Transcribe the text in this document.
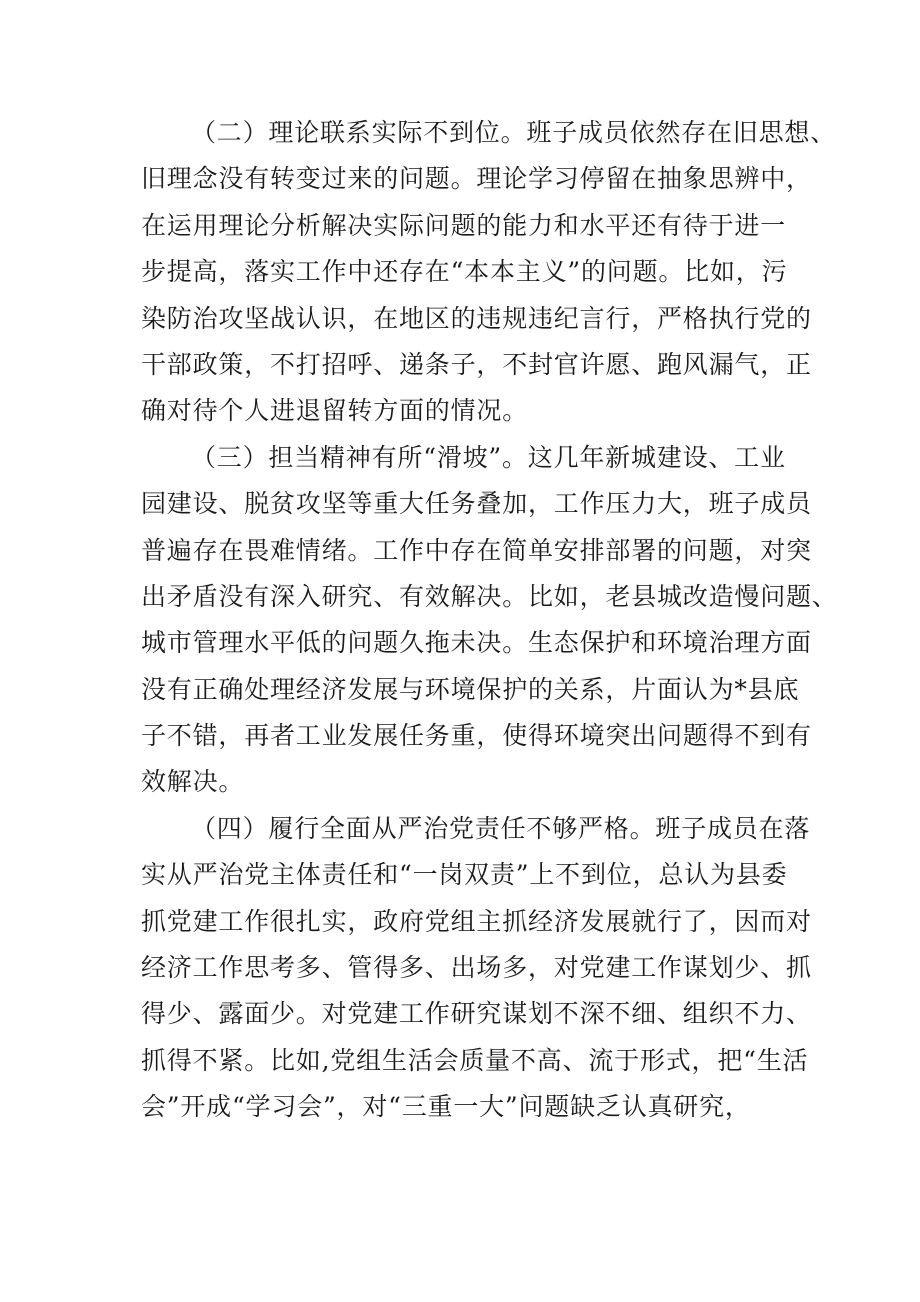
（二）理论联系实际不到位。班子成员依然存在旧思想、
旧理念没有转变过来的问题。理论学习停留在抽象思辨中，
在运用理论分析解决实际问题的能力和水平还有待于进一
步提高，落实工作中还存在“本本主义”的问题。比如，污
染防治攻坚战认识，在地区的违规违纪言行，严格执行党的
干部政策，不打招呼、递条子，不封官许愿、跑风漏气，正
确对待个人进退留转方面的情况。
（三）担当精神有所“滑坡”。这几年新城建设、工业
园建设、脱贫攻坚等重大任务叠加，工作压力大，班子成员
普遍存在畏难情绪。工作中存在简单安排部署的问题，对突
出矛盾没有深入研究、有效解决。比如，老县城改造慢问题、
城市管理水平低的问题久拖未决。生态保护和环境治理方面
没有正确处理经济发展与环境保护的关系，片面认为*县底
子不错，再者工业发展任务重，使得环境突出问题得不到有
效解决。
（四）履行全面从严治党责任不够严格。班子成员在落
实从严治党主体责任和“一岗双责”上不到位，总认为县委
抓党建工作很扎实，政府党组主抓经济发展就行了，因而对
经济工作思考多、管得多、出场多，对党建工作谋划少、抓
得少、露面少。对党建工作研究谋划不深不细、组织不力、
抓得不紧。比如,党组生活会质量不高、流于形式，把“生活
会”开成“学习会”，对“三重一大”问题缺乏认真研究，
